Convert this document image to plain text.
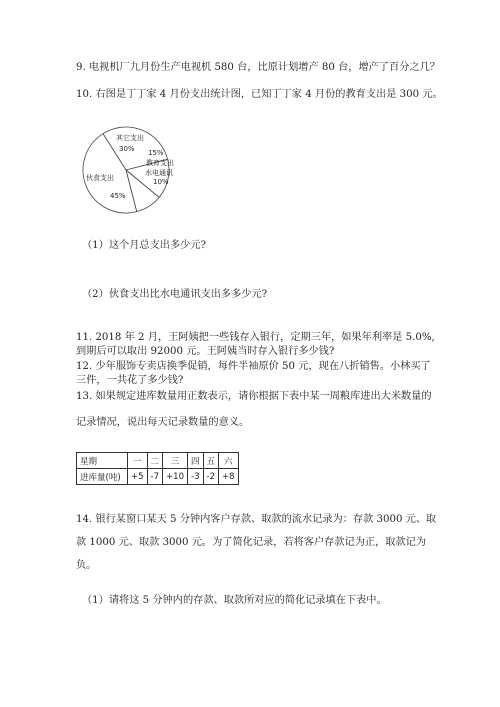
9. 电视机厂九月份生产电视机 580 台，比原计划增产 80 台，增产了百分之几？
10. 右图是丁丁家 4 月份支出统计图，已知丁丁家 4 月份的教育支出是 300 元。
其它支出
30% 15%
教育支出
水电通讯
10%
伙食支出
45%
（1）这个月总支出多少元?
（2）伙食支出比水电通讯支出多多少元?
11. 2018 年 2 月，王阿姨把一些钱存入银行，定期三年，如果年利率是 5.0%,
到期后可以取出 92000 元。王阿姨当时存入银行多少钱?
12. 少年服饰专卖店换季促销，每件半袖原价 50 元，现在八折销售。小林买了
三件，一共花了多少钱?
13. 如果规定进库数量用正数表示，请你根据下表中某一周粮库进出大米数量的
记录情况，说出每天记录数量的意义。
星期	一	二	三	四	五	六
进库量(吨)	+5	-7	+10	-3	-2	+8
14. 银行某窗口某天 5 分钟内客户存款、取款的流水记录为：存款 3000 元、取
款 1000 元、取款 3000 元。为了简化记录，若将客户存款记为正，取款记为
负。
（1）请将这 5 分钟内的存款、取款所对应的简化记录填在下表中。
